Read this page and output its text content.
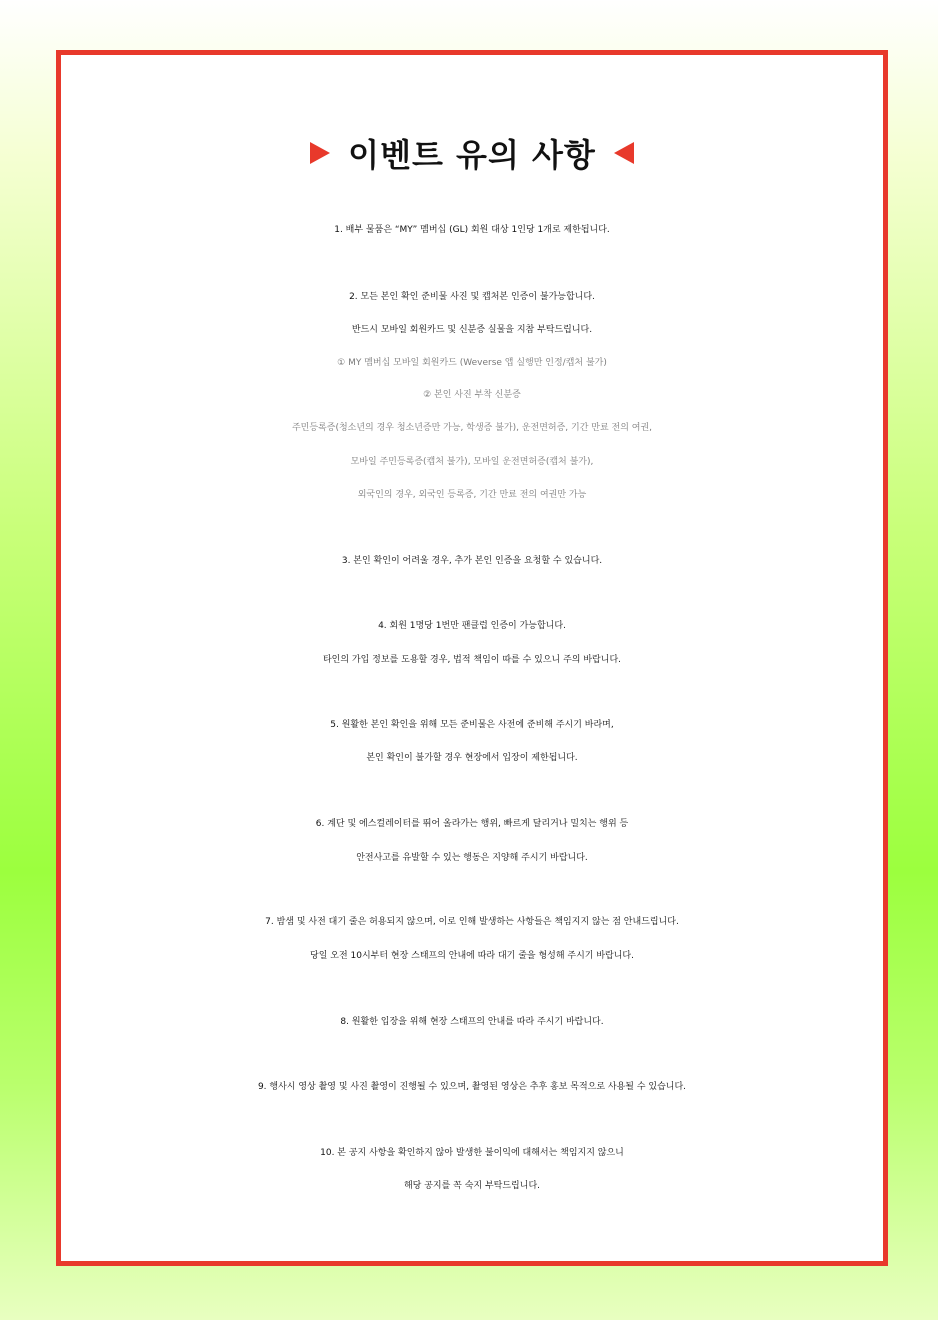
이벤트 유의 사항
1. 배부 물품은 “MY” 멤버십 (GL) 회원 대상 1인당 1개로 제한됩니다.
2. 모든 본인 확인 준비물 사진 및 캡처본 인증이 불가능합니다.
반드시 모바일 회원카드 및 신분증 실물을 지참 부탁드립니다.
① MY 멤버십 모바일 회원카드 (Weverse 앱 실행만 인정/캡처 불가)
② 본인 사진 부착 신분증
주민등록증(청소년의 경우 청소년증만 가능, 학생증 불가), 운전면허증, 기간 만료 전의 여권,
모바일 주민등록증(캡처 불가), 모바일 운전면허증(캡처 불가),
외국인의 경우, 외국인 등록증, 기간 만료 전의 여권만 가능
3. 본인 확인이 어려울 경우, 추가 본인 인증을 요청할 수 있습니다.
4. 회원 1명당 1번만 팬클럽 인증이 가능합니다.
타인의 가입 정보를 도용할 경우, 법적 책임이 따를 수 있으니 주의 바랍니다.
5. 원활한 본인 확인을 위해 모든 준비물은 사전에 준비해 주시기 바라며,
본인 확인이 불가할 경우 현장에서 입장이 제한됩니다.
6. 계단 및 에스컬레이터를 뛰어 올라가는 행위, 빠르게 달리거나 밀치는 행위 등
안전사고를 유발할 수 있는 행동은 지양해 주시기 바랍니다.
7. 밤샘 및 사전 대기 줄은 허용되지 않으며, 이로 인해 발생하는 사항들은 책임지지 않는 점 안내드립니다.
당일 오전 10시부터 현장 스태프의 안내에 따라 대기 줄을 형성해 주시기 바랍니다.
8. 원활한 입장을 위해 현장 스태프의 안내를 따라 주시기 바랍니다.
9. 행사시 영상 촬영 및 사진 촬영이 진행될 수 있으며, 촬영된 영상은 추후 홍보 목적으로 사용될 수 있습니다.
10. 본 공지 사항을 확인하지 않아 발생한 불이익에 대해서는 책임지지 않으니
해당 공지를 꼭 숙지 부탁드립니다.
